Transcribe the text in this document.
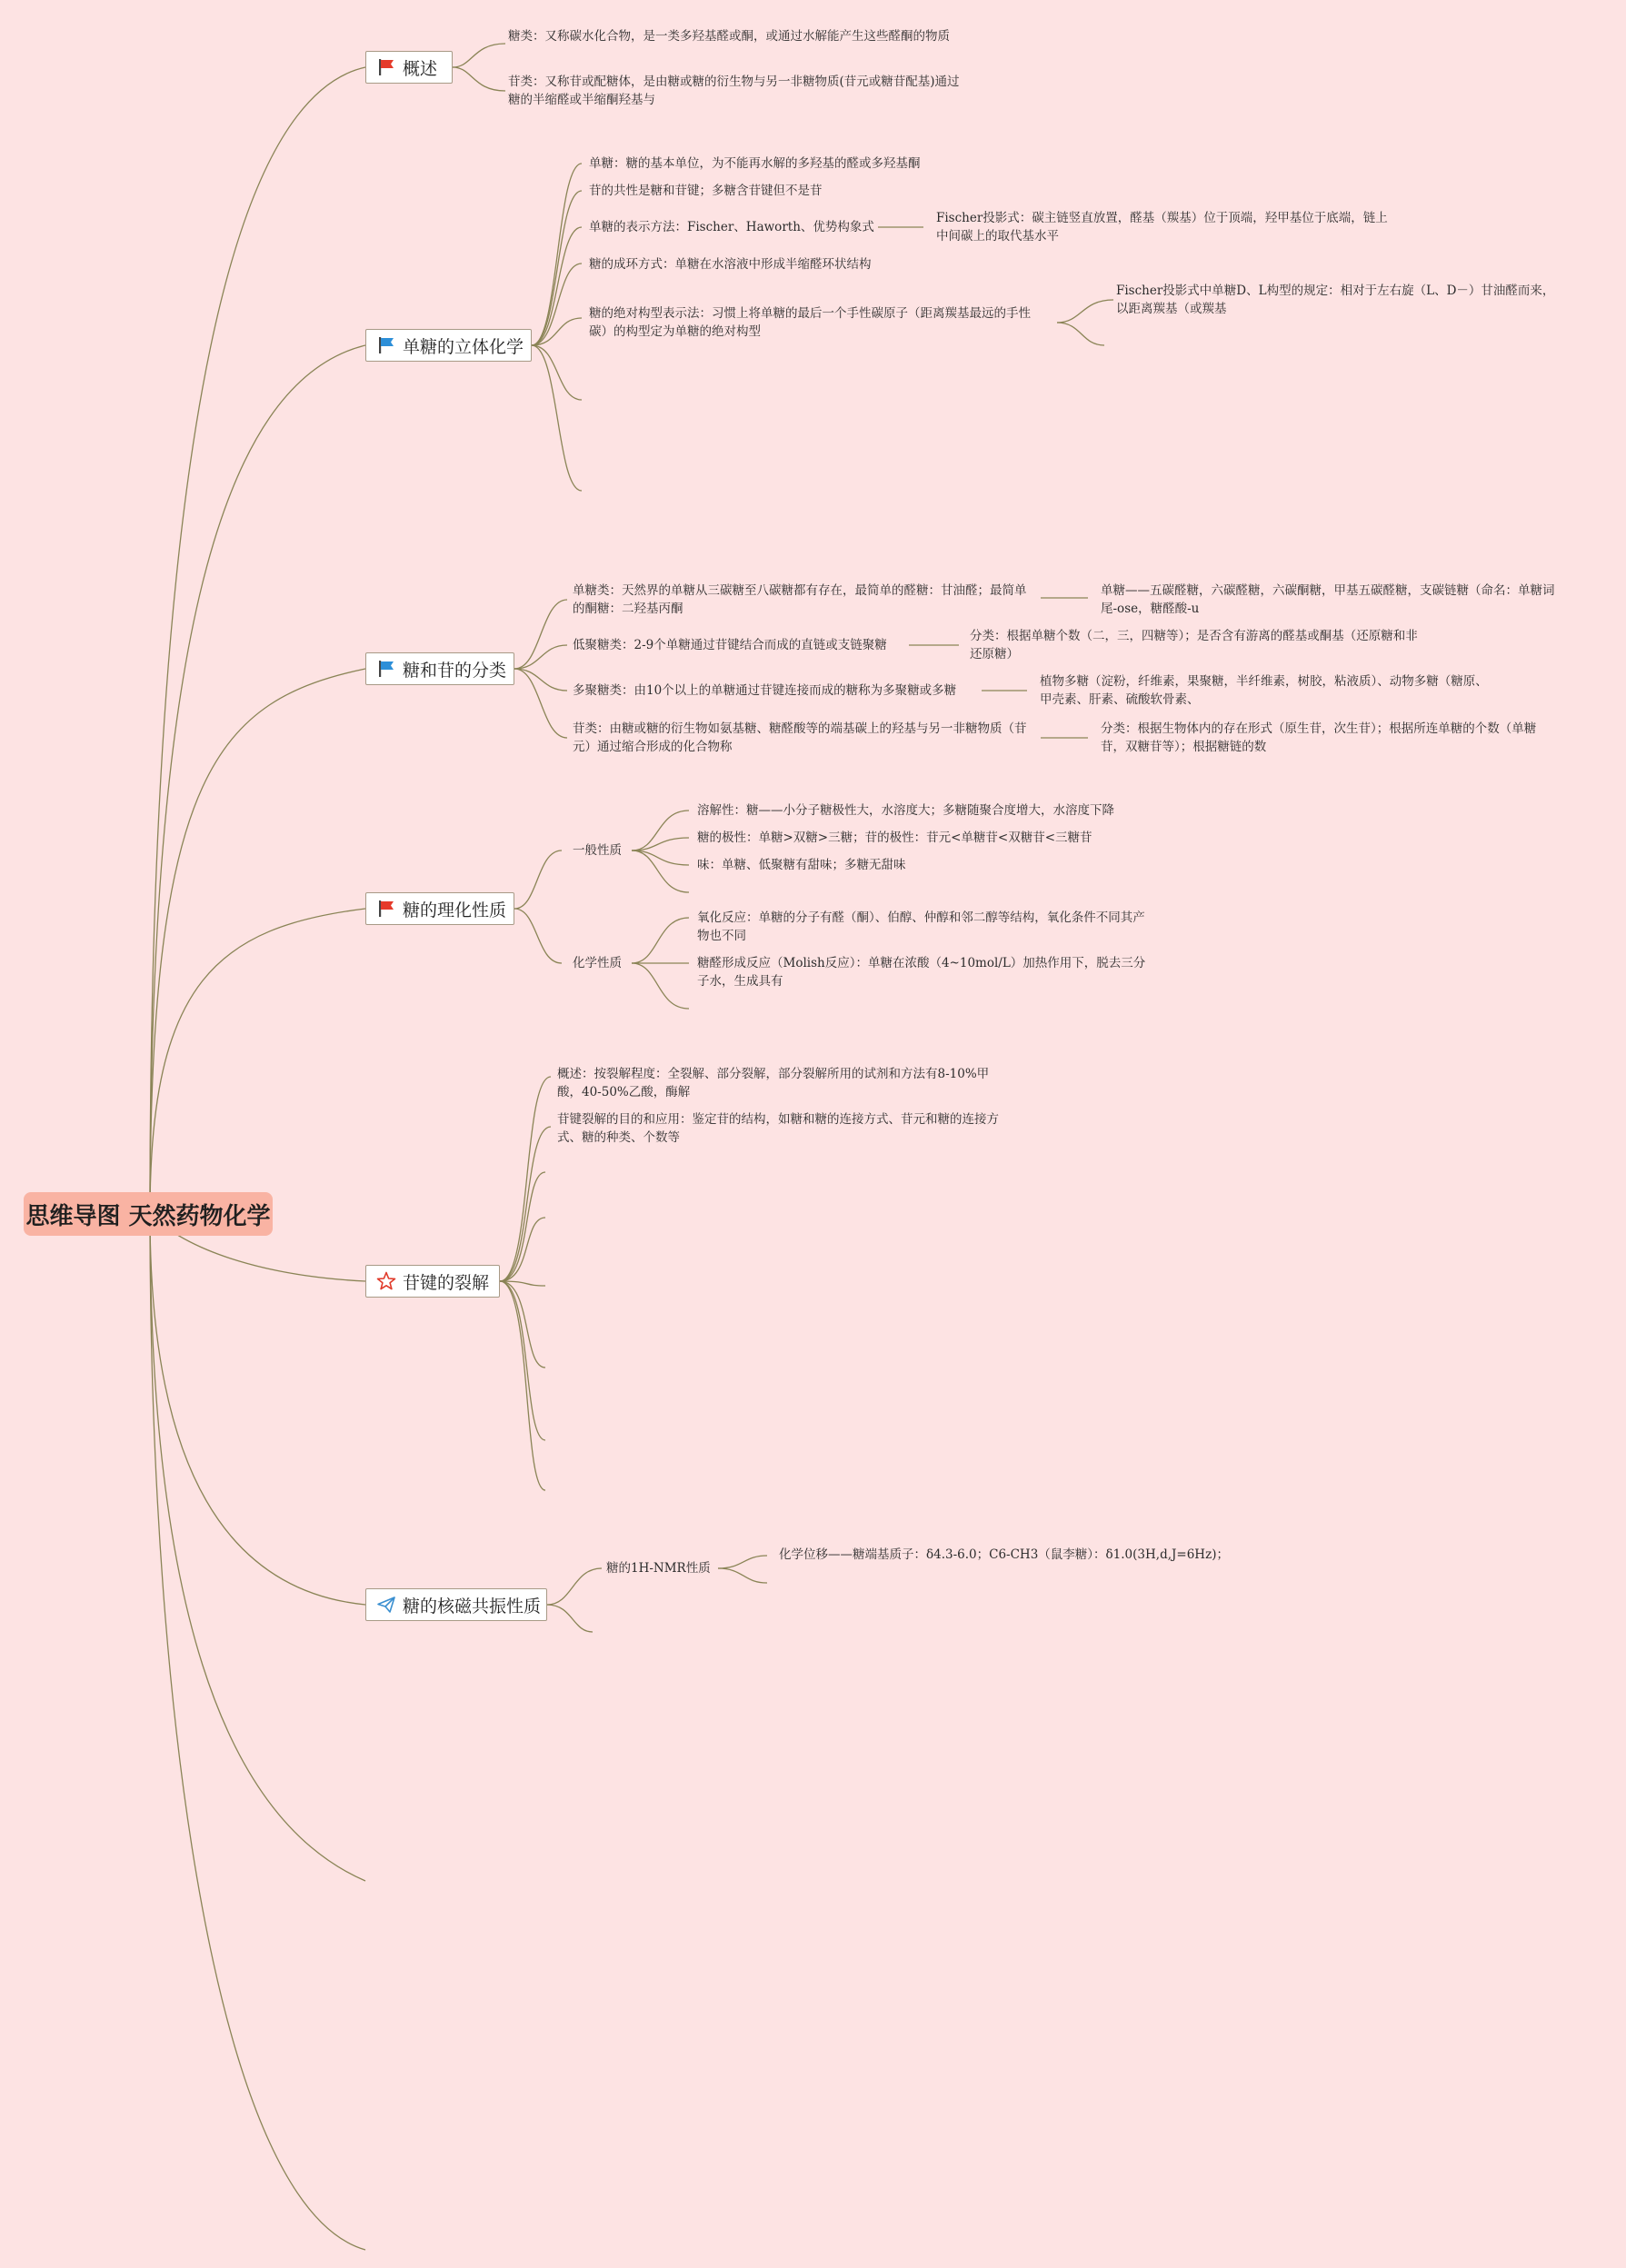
思维导图 天然药物化学
概述
单糖的立体化学
糖和苷的分类
糖的理化性质
苷键的裂解
糖的核磁共振性质
糖类：又称碳水化合物，是一类多羟基醛或酮，或通过水解能产生这些醛酮的物质
苷类：又称苷或配糖体，是由糖或糖的衍生物与另一非糖物质(苷元或糖苷配基)通过糖的半缩醛或半缩酮羟基与
单糖：糖的基本单位，为不能再水解的多羟基的醛或多羟基酮
苷的共性是糖和苷键；多糖含苷键但不是苷
单糖的表示方法：Fischer、Haworth、优势构象式
糖的成环方式：单糖在水溶液中形成半缩醛环状结构
糖的绝对构型表示法：习惯上将单糖的最后一个手性碳原子（距离羰基最远的手性碳）的构型定为单糖的绝对构型
Fischer投影式：碳主链竖直放置，醛基（羰基）位于顶端，羟甲基位于底端，链上中间碳上的取代基水平
Fischer投影式中单糖D、L构型的规定：相对于左右旋（L、D－）甘油醛而来，以距离羰基（或羰基
单糖类：天然界的单糖从三碳糖至八碳糖都有存在，最简单的醛糖：甘油醛；最简单的酮糖：二羟基丙酮
低聚糖类：2-9个单糖通过苷键结合而成的直链或支链聚糖
多聚糖类：由10个以上的单糖通过苷键连接而成的糖称为多聚糖或多糖
苷类：由糖或糖的衍生物如氨基糖、糖醛酸等的端基碳上的羟基与另一非糖物质（苷元）通过缩合形成的化合物称
单糖——五碳醛糖，六碳醛糖，六碳酮糖，甲基五碳醛糖，支碳链糖（命名：单糖词尾-ose，糖醛酸-u
分类：根据单糖个数（二，三，四糖等）；是否含有游离的醛基或酮基（还原糖和非还原糖）
植物多糖（淀粉，纤维素，果聚糖，半纤维素，树胶，粘液质）、动物多糖（糖原、甲壳素、肝素、硫酸软骨素、
分类：根据生物体内的存在形式（原生苷，次生苷）；根据所连单糖的个数（单糖苷，双糖苷等）；根据糖链的数
一般性质
化学性质
溶解性：糖——小分子糖极性大，水溶度大；多糖随聚合度增大，水溶度下降
糖的极性：单糖>双糖>三糖；苷的极性：苷元<单糖苷<双糖苷<三糖苷
味：单糖、低聚糖有甜味；多糖无甜味
氧化反应：单糖的分子有醛（酮）、伯醇、仲醇和邻二醇等结构，氧化条件不同其产物也不同
糖醛形成反应（Molish反应）：单糖在浓酸（4~10mol/L）加热作用下，脱去三分子水，生成具有
概述：按裂解程度：全裂解、部分裂解，部分裂解所用的试剂和方法有8-10%甲酸，40-50%乙酸，酶解
苷键裂解的目的和应用：鉴定苷的结构，如糖和糖的连接方式、苷元和糖的连接方式、糖的种类、个数等
糖的1H-NMR性质
化学位移——糖端基质子：δ4.3-6.0；C6-CH3（鼠李糖）：δ1.0(3H,d,J=6Hz)；
